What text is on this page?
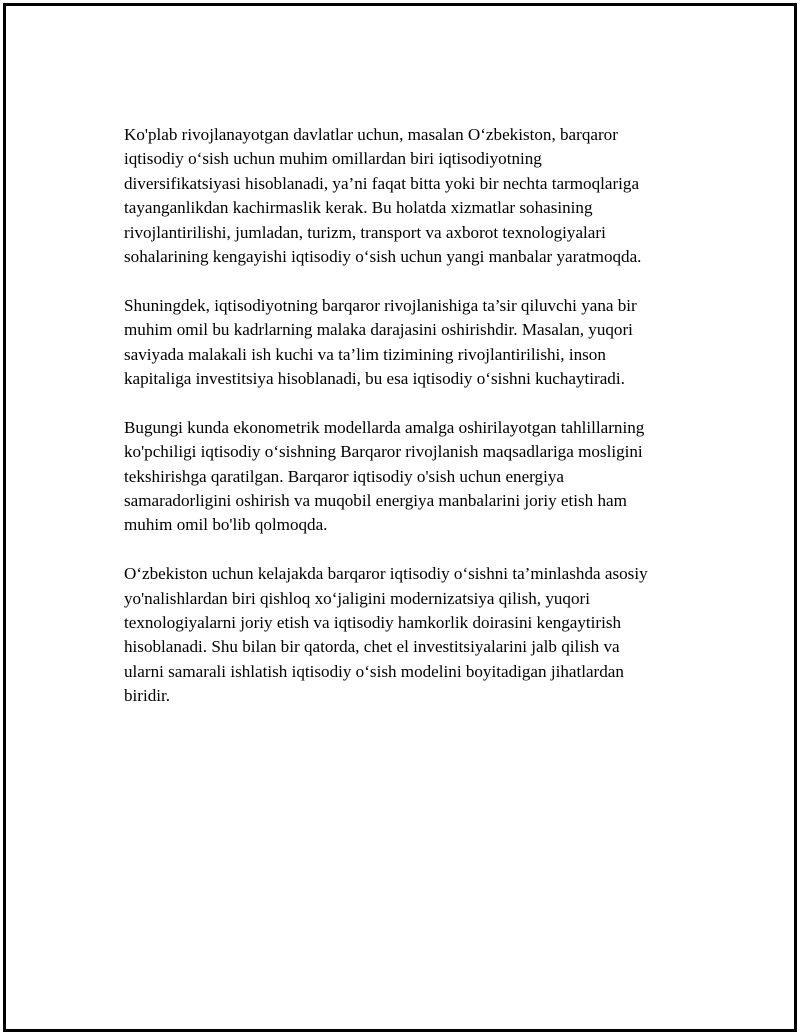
Ko'plab rivojlanayotgan davlatlar uchun, masalan O‘zbekiston, barqaror
iqtisodiy o‘sish uchun muhim omillardan biri iqtisodiyotning
diversifikatsiyasi hisoblanadi, ya’ni faqat bitta yoki bir nechta tarmoqlariga
tayanganlikdan kachirmaslik kerak. Bu holatda xizmatlar sohasining
rivojlantirilishi, jumladan, turizm, transport va axborot texnologiyalari
sohalarining kengayishi iqtisodiy o‘sish uchun yangi manbalar yaratmoqda.

Shuningdek, iqtisodiyotning barqaror rivojlanishiga ta’sir qiluvchi yana bir
muhim omil bu kadrlarning malaka darajasini oshirishdir. Masalan, yuqori
saviyada malakali ish kuchi va ta’lim tizimining rivojlantirilishi, inson
kapitaliga investitsiya hisoblanadi, bu esa iqtisodiy o‘sishni kuchaytiradi.

Bugungi kunda ekonometrik modellarda amalga oshirilayotgan tahlillarning
ko'pchiligi iqtisodiy o‘sishning Barqaror rivojlanish maqsadlariga mosligini
tekshirishga qaratilgan. Barqaror iqtisodiy o'sish uchun energiya
samaradorligini oshirish va muqobil energiya manbalarini joriy etish ham
muhim omil bo'lib qolmoqda.

O‘zbekiston uchun kelajakda barqaror iqtisodiy o‘sishni ta’minlashda asosiy
yo'nalishlardan biri qishloq xo‘jaligini modernizatsiya qilish, yuqori
texnologiyalarni joriy etish va iqtisodiy hamkorlik doirasini kengaytirish
hisoblanadi. Shu bilan bir qatorda, chet el investitsiyalarini jalb qilish va
ularni samarali ishlatish iqtisodiy o‘sish modelini boyitadigan jihatlardan
biridir.
